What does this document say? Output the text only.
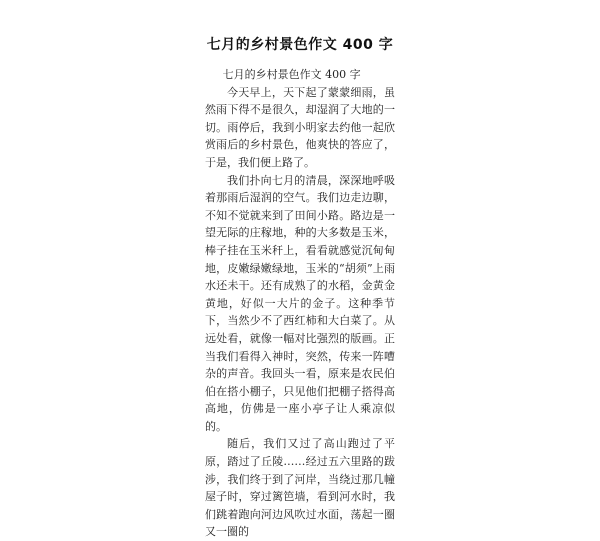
七月的乡村景色作文 400 字

七月的乡村景色作文 400 字

今天早上，天下起了蒙蒙细雨，虽然雨下得不是很久，却湿润了大地的一切。雨停后，我到小明家去约他一起欣赏雨后的乡村景色，他爽快的答应了，于是，我们便上路了。

我们扑向七月的清晨，深深地呼吸着那雨后湿润的空气。我们边走边聊，不知不觉就来到了田间小路。路边是一望无际的庄稼地，种的大多数是玉米，棒子挂在玉米秆上，看看就感觉沉甸甸地，皮嫩绿嫩绿地，玉米的“胡须”上雨水还未干。还有成熟了的水稻，金黄金黄地，好似一大片的金子。这种季节下，当然少不了西红柿和大白菜了。从远处看，就像一幅对比强烈的版画。正当我们看得入神时，突然，传来一阵嘈杂的声音。我回头一看，原来是农民伯伯在搭小棚子，只见他们把棚子搭得高高地，仿佛是一座小亭子让人乘凉似的。

随后，我们又过了高山跑过了平原，踏过了丘陵……经过五六里路的跋涉，我们终于到了河岸，当绕过那几幢屋子时，穿过篱笆墙，看到河水时，我们跳着跑向河边风吹过水面，荡起一圈又一圈的
